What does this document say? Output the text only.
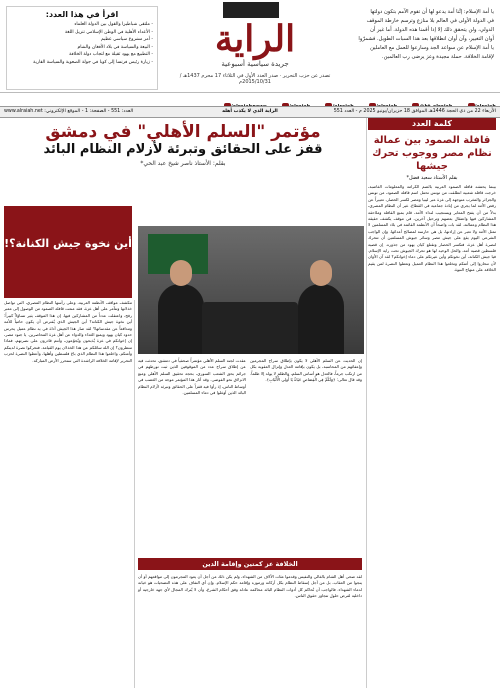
يا أمة الإسلام: إنَّنا أمة يدعو لها أن تقوم الآمم بتكون دولتها
في الدولة الأولى في العالم بلا منازع وترسم خارطة الموقف
الدولي، ولن يتحقق ذلك إلا إذا أقمنا هذه الدولة. أما غير أن
أوان التغيير، وآن أوان انطلاقها بعد هذا السبات الطويل. فشمرّوا
يا أمة الإسلام عن سواعد الجد وسارعوا للعمل مع العاملين
لإقامة الخلافة. حملة مجيدة وعز يرضى رب العالمين.
الراية
جريدة سياسية أسبوعية
تصدر عن حزب التحرير · صدر العدد الأول في الثلاثاء 17 محرم 1437هـ / 2015/10/31م
اقرأ في هذا العدد:
- ملتقى شباطيزا والقول بين الدولة العلماء
- الأعداء الأهلية في الوطن الإسلامي تنزيل اللغة
- أمر مشروع سياسي عظيم
- البيعة والسياسة في بلاد الأفغان والشام
- التطبيع مع يهود ثقيلة مع لتجاب دولة الخلافة
- زيارة رئيس فرنسا إلى كوبا في جولة الصعوبة والسياسة القارية

الأربعاء 22 من ذي الحجة 1446هـ الموافق 18 حزيران/يونيو 2025 م - العدد 551
الراية الذي لا يكذب أهله
العدد: 551 - الصفحة: 1 - الموقع الإلكتروني: www.alraiah.net
كلمة العدد
قافلة الصمود بين عمالة نظام مصر ووجوب تحرك جيشها
بقلم الأستاذ سعيد فضل*
بينما يحتشد قافلة الصمود العربية بالضم الكرامة والمعلومات الغاضبة، خرجت قافلة شعبية انطلقت من تونس تحمل اسم قافلة الصمود، من تونس والجزائر والمغرب متوجهة إلى غزة عبر ليبيا ومصر لكسر الحصار، تعبيراً عن رفض الأمة لما يجري من إبادة جماعية في القطاع. غير أن النظام المصري، بدلاً من أن يفتح المعابر ويستجيب لنداء الأمة، قام بمنع القافلة وملاحقة المشاركين فيها واعتقال بعضهم وترحيل آخرين، في موقف يكشف حقيقة هذا النظام وعمالته. لقد بات واضحاً أن الأنظمة القائمة في بلاد المسلمين لا تمثل الأمة ولا تعبر عن إرادتها، بل هي حارسة لمصالح أعدائها. وإن الواجب الشرعي اليوم يقع على جيش مصر وسائر جيوش المسلمين أن تتحرك لنصرة أهل غزة، فتكسر الحصار وتقتلع كيان يهود من جذوره. إن قضية فلسطين قضية أمة، والحل الوحيد لها هو تحرك الجيوش تحت راية الإسلام. فيا جيش الكنانة، أين نخوتكم وأين غيرتكم على دماء إخوانكم؟ لقد آن الأوان لأن تنحازوا إلى أمتكم وتخلعوا هذا النظام العميل وتعطوا النصرة لمن يقيم الخلافة على منهاج النبوة.
مؤتمر "السلم الأهلي" في دمشق
قفز على الحقائق وتبرئة لأزلام النظام البائد
بقلم: الأستاذ ناصر شيخ عبد الحي*
أين نخوة جيش الكنانة؟!
تتكشف مواقف الأنظمة العربية، وعلى رأسها النظام المصري، التي تواصل خذلانها وتتآمر على أهل غزة، فقد منعت قافلة الصمود من الوصول إلى معبر رفح، واعتقلت عدداً من المشاركين فيها. إن هذا الموقف يثير تساؤلاً كبيراً: أين نخوة جيش الكنانة؟ أين الجيش الذي يُفترض أن يكون حامياً للأمة ومدافعاً عن مقدساتها؟ لقد صار هذا الجيش أداة في يد نظام عميل يحرس حدود كيان يهود ويمنع الغذاء والدواء عن أهل غزة المحاصرين. يا جنود مصر، إن إخوانكم في غزة يُذبحون ويُجوّعون، وأنتم قادرون على نصرتهم، فماذا تنتظرون؟ إن الله سائلكم عن هذا الخذلان يوم القيامة. فتحركوا نصرة لدينكم وأمتكم، واخلعوا هذا النظام الذي باع فلسطين وأهلها، وأعطوا النصرة لحزب التحرير لإقامة الخلافة الراشدة التي ستحرر الأرض المباركة. عقدت لجنة السلم الأهلي مؤتمراً صحفياً في دمشق، تحدثت فيه عن إطلاق سراح عدد من الموقوفين الذين ثبت تورطهم في جرائم بحق الشعب السوري، بحجة تحقيق السلم الأهلي ومنع الانزلاق نحو الفوضى. وقد أثار هذا المؤتمر موجة من الغضب في أوساط الناس، إذ رأوا فيه قفزاً على الحقائق وتبرئة لأزلام النظام البائد الذين أوغلوا في دماء المسلمين.
إن الحديث عن السلم الأهلي لا يكون بإطلاق سراح المجرمين وإعفائهم من المحاسبة، بل يكون بإقامة العدل وإنزال العقوبة بكل من ارتكب جرماً، فالعدل هو أساس السلم، والظلم لا يولد إلا ظلماً. وقد قال تعالى: ﴿وَلَكُمْ فِي الْقِصَاصِ حَيَاةٌ يَا أُولِي الْأَلْبَابِ﴾.
الخلافة عز كمتين وإقامة الدين
لقد ضحى أهل الشام بالغالي والنفيس وقدموا مئات الآلاف من الشهداء، ولم يكن ذلك من أجل أن يعود المجرمون إلى مواقعهم أو أن ينجوا من العقاب، بل من أجل إسقاط النظام بكل أركانه ورموزه وإقامة حكم الإسلام. وإن أي التفاف على هذه التضحيات هو خيانة لدماء الشهداء. فالواجب أن تُحاكم كل أدوات النظام البائد محاكمة عادلة وفق أحكام الشرع، وأن لا يُترك المجال لأي جهة خارجية أو داخلية لفرض حلول تتجاوز حقوق الناس.
